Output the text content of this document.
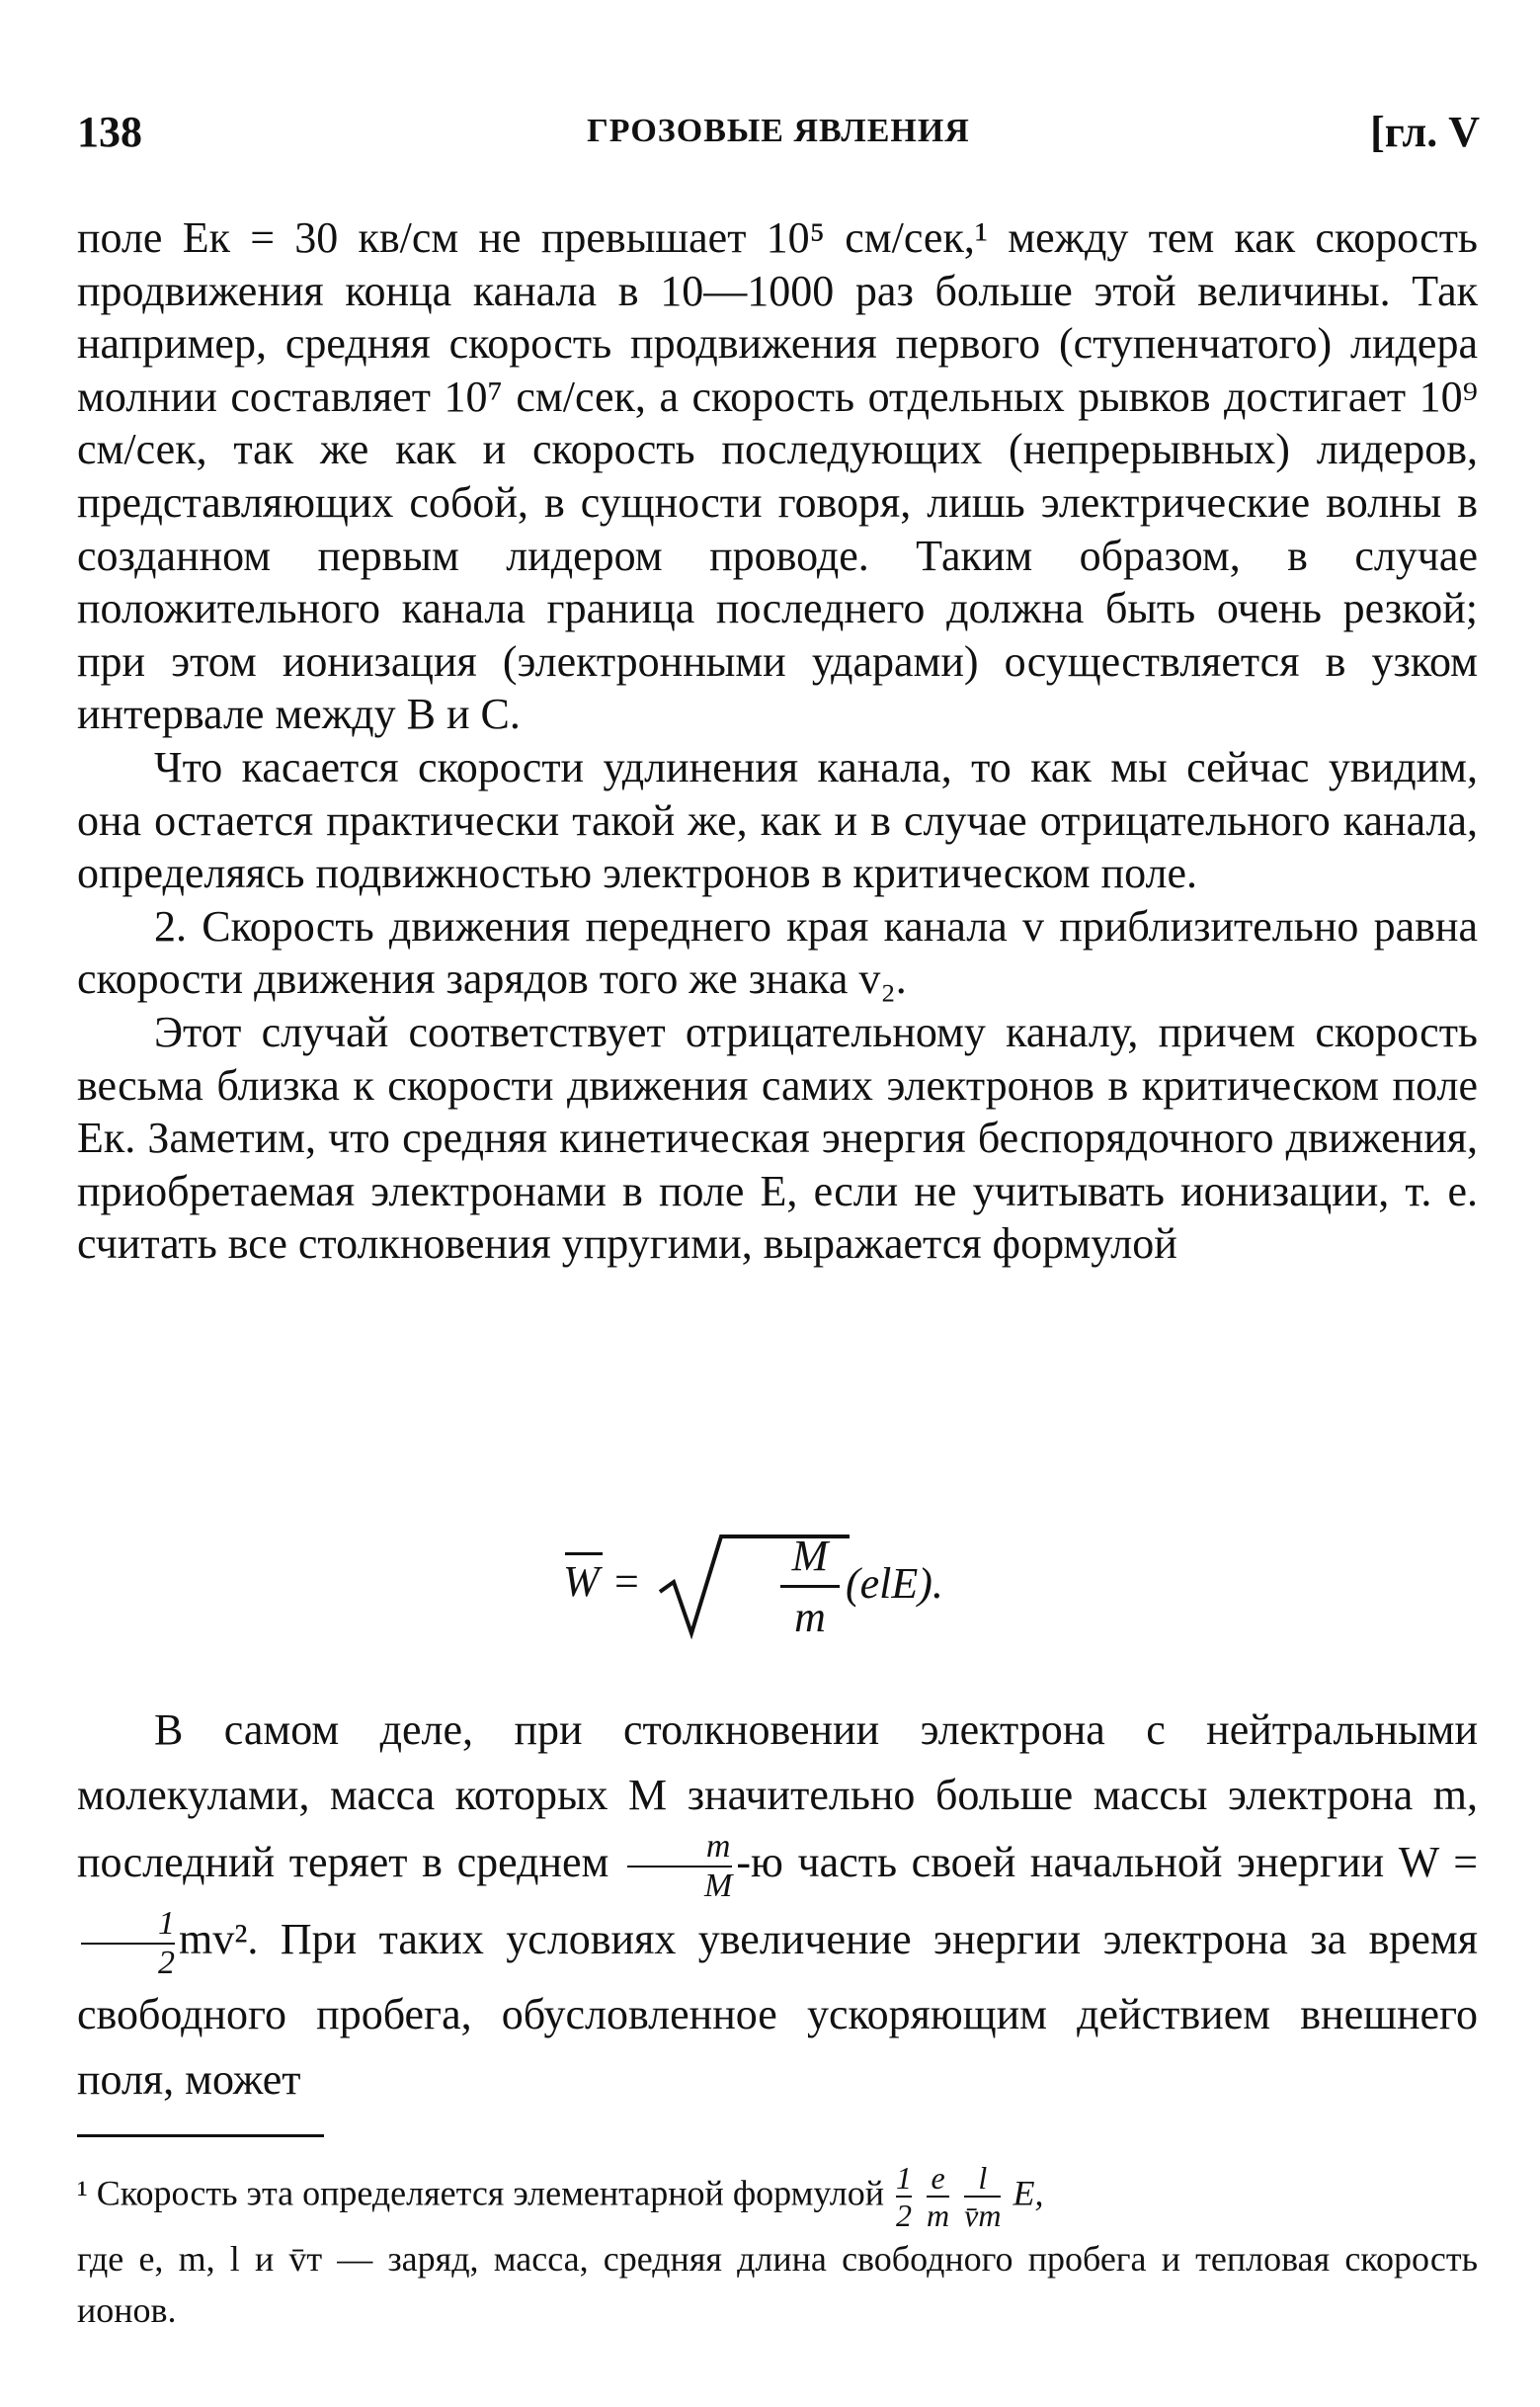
138	ГРОЗОВЫЕ ЯВЛЕНИЯ	[гл. V

поле Eк = 30 кв/см не превышает 10⁵ см/сек,¹ между тем как скорость продвижения конца канала в 10—1000 раз больше этой величины. Так например, средняя скорость продвижения первого (ступенчатого) лидера молнии составляет 10⁷ см/сек, а скорость отдельных рывков достигает 10⁹ см/сек, так же как и скорость последующих (непрерывных) лидеров, представляющих собой, в сущности говоря, лишь электрические волны в созданном первым лидером проводе. Таким образом, в случае положительного канала граница последнего должна быть очень резкой; при этом ионизация (электронными ударами) осуществляется в узком интервале между B и C.

Что касается скорости удлинения канала, то как мы сейчас увидим, она остается практически такой же, как и в случае отрицательного канала, определяясь подвижностью электронов в критическом поле.

2. Скорость движения переднего края канала v приблизительно равна скорости движения зарядов того же знака v₂.

Этот случай соответствует отрицательному каналу, причем скорость весьма близка к скорости движения самих электронов в критическом поле Eк. Заметим, что средняя кинетическая энергия беспорядочного движения, приобретаемая электронами в поле E, если не учитывать ионизации, т. е. считать все столкновения упругими, выражается формулой

W =
M
m
(elE).

В самом деле, при столкновении электрона с нейтральными молекулами, масса которых M значительно больше массы электрона m, последний теряет в среднем $\frac{m}{M} -ю$ часть своей начальной энергии W =
$\frac{1}{2} mv^2$. При таких условиях увеличение энергии электрона за время свободного пробега, обусловленное ускоряющим действием внешнего поля, может

¹ Скорость эта определяется элементарной формулой $\frac{1}{2}$
$\frac{e}{m}$
l
v̄т
E,

где e, m, l и v̄т — заряд, масса, средняя длина свободного пробега и тепловая скорость ионов.
